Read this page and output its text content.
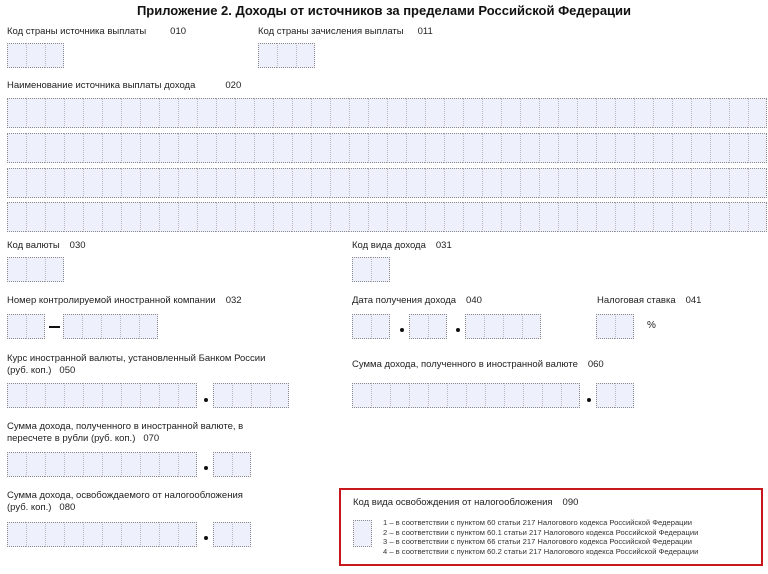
Приложение 2. Доходы от источников за пределами Российской Федерации
Код страны источника выплаты	010	Код страны зачисления выплаты 011
Наименование источника выплаты дохода	020
Код валюты 030	Код вида дохода 031
Номер контролируемой иностранной компании 032	Дата получения дохода 040	Налоговая ставка 041
%
Курс иностранной валюты, установленный Банком России
(руб. коп.) 050
Сумма дохода, полученного в иностранной валюте 060
Сумма дохода, полученного в иностранной валюте, в
пересчете в рубли (руб. коп.) 070
Сумма дохода, освобождаемого от налогообложения
(руб. коп.) 080	Код вида освобождения от налогообложения 090
1 – в соответствии с пунктом 60 статьи 217 Налогового кодекса Российской Федерации
2 – в соответствии с пунктом 60.1 статьи 217 Налогового кодекса Российской Федерации
3 – в соответствии с пунктом 66 статьи 217 Налогового кодекса Российской Федерации
4 – в соответствии с пунктом 60.2 статьи 217 Налогового кодекса Российской Федерации
